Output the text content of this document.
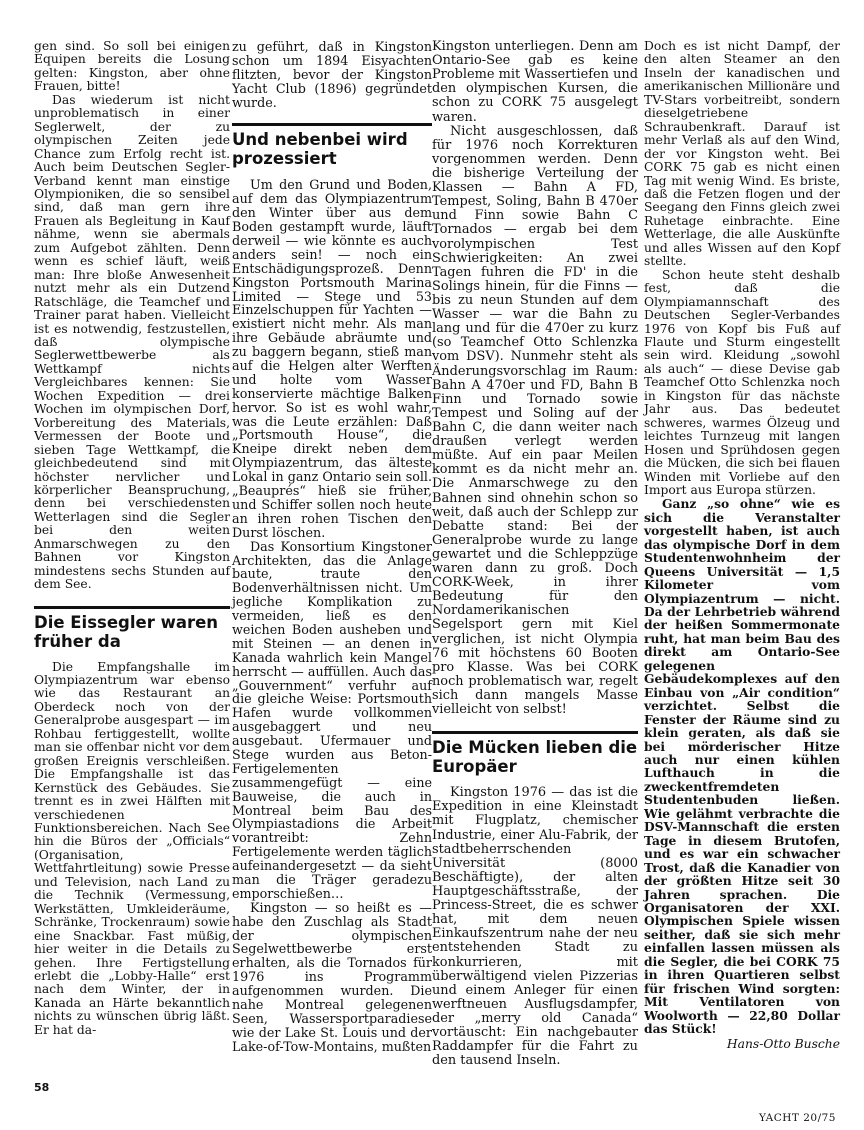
gen sind. So soll bei einigen Equipen bereits die Losung gelten: Kingston, aber ohne Frauen, bitte!

Das wiederum ist nicht unproblematisch in einer Seglerwelt, der zu olympischen Zeiten jede Chance zum Erfolg recht ist. Auch beim Deutschen Segler-Verband kennt man einstige Olympioniken, die so sensibel sind, daß man gern ihre Frauen als Begleitung in Kauf nähme, wenn sie abermals zum Aufgebot zählten. Denn wenn es schief läuft, weiß man: Ihre bloße Anwesenheit nutzt mehr als ein Dutzend Ratschläge, die Teamchef und Trainer parat haben. Vielleicht ist es notwendig, festzustellen, daß olympische Seglerwettbewerbe als Wettkampf nichts Vergleichbares kennen: Sie Wochen Expedition — drei Wochen im olympischen Dorf, Vorbereitung des Materials, Vermessen der Boote und sieben Tage Wettkampf, die gleichbedeutend sind mit höchster nervlicher und körperlicher Beanspruchung, denn bei verschiedensten Wetterlagen sind die Segler bei den weiten Anmarschwegen zu den Bahnen vor Kingston mindestens sechs Stunden auf dem See.

Die Eissegler waren früher da

Die Empfangshalle im Olympiazentrum war ebenso wie das Restaurant an Oberdeck noch von der Generalprobe ausgespart — im Rohbau fertiggestellt, wollte man sie offenbar nicht vor dem großen Ereignis verschleißen. Die Empfangshalle ist das Kernstück des Gebäudes. Sie trennt es in zwei Hälften mit verschiedenen Funktionsbereichen. Nach See hin die Büros der „Officials“ (Organisation, Wettfahrtleitung) sowie Presse und Television, nach Land zu die Technik (Vermessung, Werkstätten, Umkleideräume, Schränke, Trockenraum) sowie eine Snackbar. Fast müßig, hier weiter in die Details zu gehen. Ihre Fertigstellung erlebt die „Lobby-Halle“ erst nach dem Winter, der in Kanada an Härte bekanntlich nichts zu wünschen übrig läßt. Er hat da-

zu geführt, daß in Kingston schon um 1894 Eisyachten flitzten, bevor der Kingston Yacht Club (1896) gegründet wurde.

Und nebenbei wird prozessiert

Um den Grund und Boden, auf dem das Olympiazentrum den Winter über aus dem Boden gestampft wurde, läuft derweil — wie könnte es auch anders sein! — noch ein Entschädigungsprozeß. Denn Kingston Portsmouth Marina Limited — Stege und 53 Einzelschuppen für Yachten — existiert nicht mehr. Als man ihre Gebäude abräumte und zu baggern begann, stieß man auf die Helgen alter Werften und holte vom Wasser konservierte mächtige Balken hervor. So ist es wohl wahr, was die Leute erzählen: Daß „Portsmouth House“, die Kneipe direkt neben dem Olympiazentrum, das älteste Lokal in ganz Ontario sein soll. „Beauprés“ hieß sie früher, und Schiffer sollen noch heute an ihren rohen Tischen den Durst löschen.

Das Konsortium Kingstoner Architekten, das die Anlage baute, traute den Bodenverhältnissen nicht. Um jegliche Komplikation zu vermeiden, ließ es den weichen Boden ausheben und mit Steinen — an denen in Kanada wahrlich kein Mangel herrscht — auffüllen. Auch das „Gouvernment“ verfuhr auf die gleiche Weise: Portsmouth Hafen wurde vollkommen ausgebaggert und neu ausgebaut. Ufermauer und Stege wurden aus Beton-Fertigelementen zusammengefügt — eine Bauweise, die auch in Montreal beim Bau des Olympiastadions die Arbeit vorantreibt: Zehn Fertigelemente werden täglich aufeinandergesetzt — da sieht man die Träger geradezu emporschießen…

Kingston — so heißt es — habe den Zuschlag als Stadt der olympischen Segelwettbewerbe erst erhalten, als die Tornados für 1976 ins Programm aufgenommen wurden. Die nahe Montreal gelegenen Seen, Wassersportparadiese wie der Lake St. Louis und der Lake-of-Tow-Montains, mußten

Kingston unterliegen. Denn am Ontario-See gab es keine Probleme mit Wassertiefen und den olympischen Kursen, die schon zu CORK 75 ausgelegt waren.

Nicht ausgeschlossen, daß für 1976 noch Korrekturen vorgenommen werden. Denn die bisherige Verteilung der Klassen — Bahn A FD, Tempest, Soling, Bahn B 470er und Finn sowie Bahn C Tornados — ergab bei dem vorolympischen Test Schwierigkeiten: An zwei Tagen fuhren die FD' in die Solings hinein, für die Finns — bis zu neun Stunden auf dem Wasser — war die Bahn zu lang und für die 470er zu kurz (so Teamchef Otto Schlenzka vom DSV). Nunmehr steht als Änderungsvorschlag im Raum: Bahn A 470er und FD, Bahn B Finn und Tornado sowie Tempest und Soling auf der Bahn C, die dann weiter nach draußen verlegt werden müßte. Auf ein paar Meilen kommt es da nicht mehr an. Die Anmarschwege zu den Bahnen sind ohnehin schon so weit, daß auch der Schlepp zur Debatte stand: Bei der Generalprobe wurde zu lange gewartet und die Schleppzüge waren dann zu groß. Doch CORK-Week, in ihrer Bedeutung für den Nordamerikanischen Segelsport gern mit Kiel verglichen, ist nicht Olympia 76 mit höchstens 60 Booten pro Klasse. Was bei CORK noch problematisch war, regelt sich dann mangels Masse vielleicht von selbst!

Die Mücken lieben die Europäer

Kingston 1976 — das ist die Expedition in eine Kleinstadt mit Flugplatz, chemischer Industrie, einer Alu-Fabrik, der stadtbeherrschenden Universität (8000 Beschäftigte), der alten Hauptgeschäftsstraße, der Princess-Street, die es schwer hat, mit dem neuen Einkaufszentrum nahe der neu entstehenden Stadt zu konkurrieren, mit überwältigend vielen Pizzerias und einem Anleger für einen werftneuen Ausflugsdampfer, der „merry old Canada“ vortäuscht: Ein nachgebauter Raddampfer für die Fahrt zu den tausend Inseln.

Doch es ist nicht Dampf, der den alten Steamer an den Inseln der kanadischen und amerikanischen Millionäre und TV-Stars vorbeitreibt, sondern dieselgetriebene Schraubenkraft. Darauf ist mehr Verlaß als auf den Wind, der vor Kingston weht. Bei CORK 75 gab es nicht einen Tag mit wenig Wind. Es briste, daß die Fetzen flogen und der Seegang den Finns gleich zwei Ruhetage einbrachte. Eine Wetterlage, die alle Auskünfte und alles Wissen auf den Kopf stellte.

Schon heute steht deshalb fest, daß die Olympiamannschaft des Deutschen Segler-Verbandes 1976 von Kopf bis Fuß auf Flaute und Sturm eingestellt sein wird. Kleidung „sowohl als auch“ — diese Devise gab Teamchef Otto Schlenzka noch in Kingston für das nächste Jahr aus. Das bedeutet schweres, warmes Ölzeug und leichtes Turnzeug mit langen Hosen und Sprühdosen gegen die Mücken, die sich bei flauen Winden mit Vorliebe auf den Import aus Europa stürzen.

Ganz „so ohne“ wie es sich die Veranstalter vorgestellt haben, ist auch das olympische Dorf in dem Studentenwohnheim der Queens Universität — 1,5 Kilometer vom Olympiazentrum — nicht. Da der Lehrbetrieb während der heißen Sommermonate ruht, hat man beim Bau des direkt am Ontario-See gelegenen Gebäudekomplexes auf den Einbau von „Air condition“ verzichtet. Selbst die Fenster der Räume sind zu klein geraten, als daß sie bei mörderischer Hitze auch nur einen kühlen Lufthauch in die zweckentfremdeten Studentenbuden ließen. Wie gelähmt verbrachte die DSV-Mannschaft die ersten Tage in diesem Brutofen, und es war ein schwacher Trost, daß die Kanadier von der größten Hitze seit 30 Jahren sprachen. Die Organisatoren der XXI. Olympischen Spiele wissen seither, daß sie sich mehr einfallen lassen müssen als die Segler, die bei CORK 75 in ihren Quartieren selbst für frischen Wind sorgten: Mit Ventilatoren von Woolworth — 22,80 Dollar das Stück!

Hans-Otto Busche
58
YACHT 20/75
